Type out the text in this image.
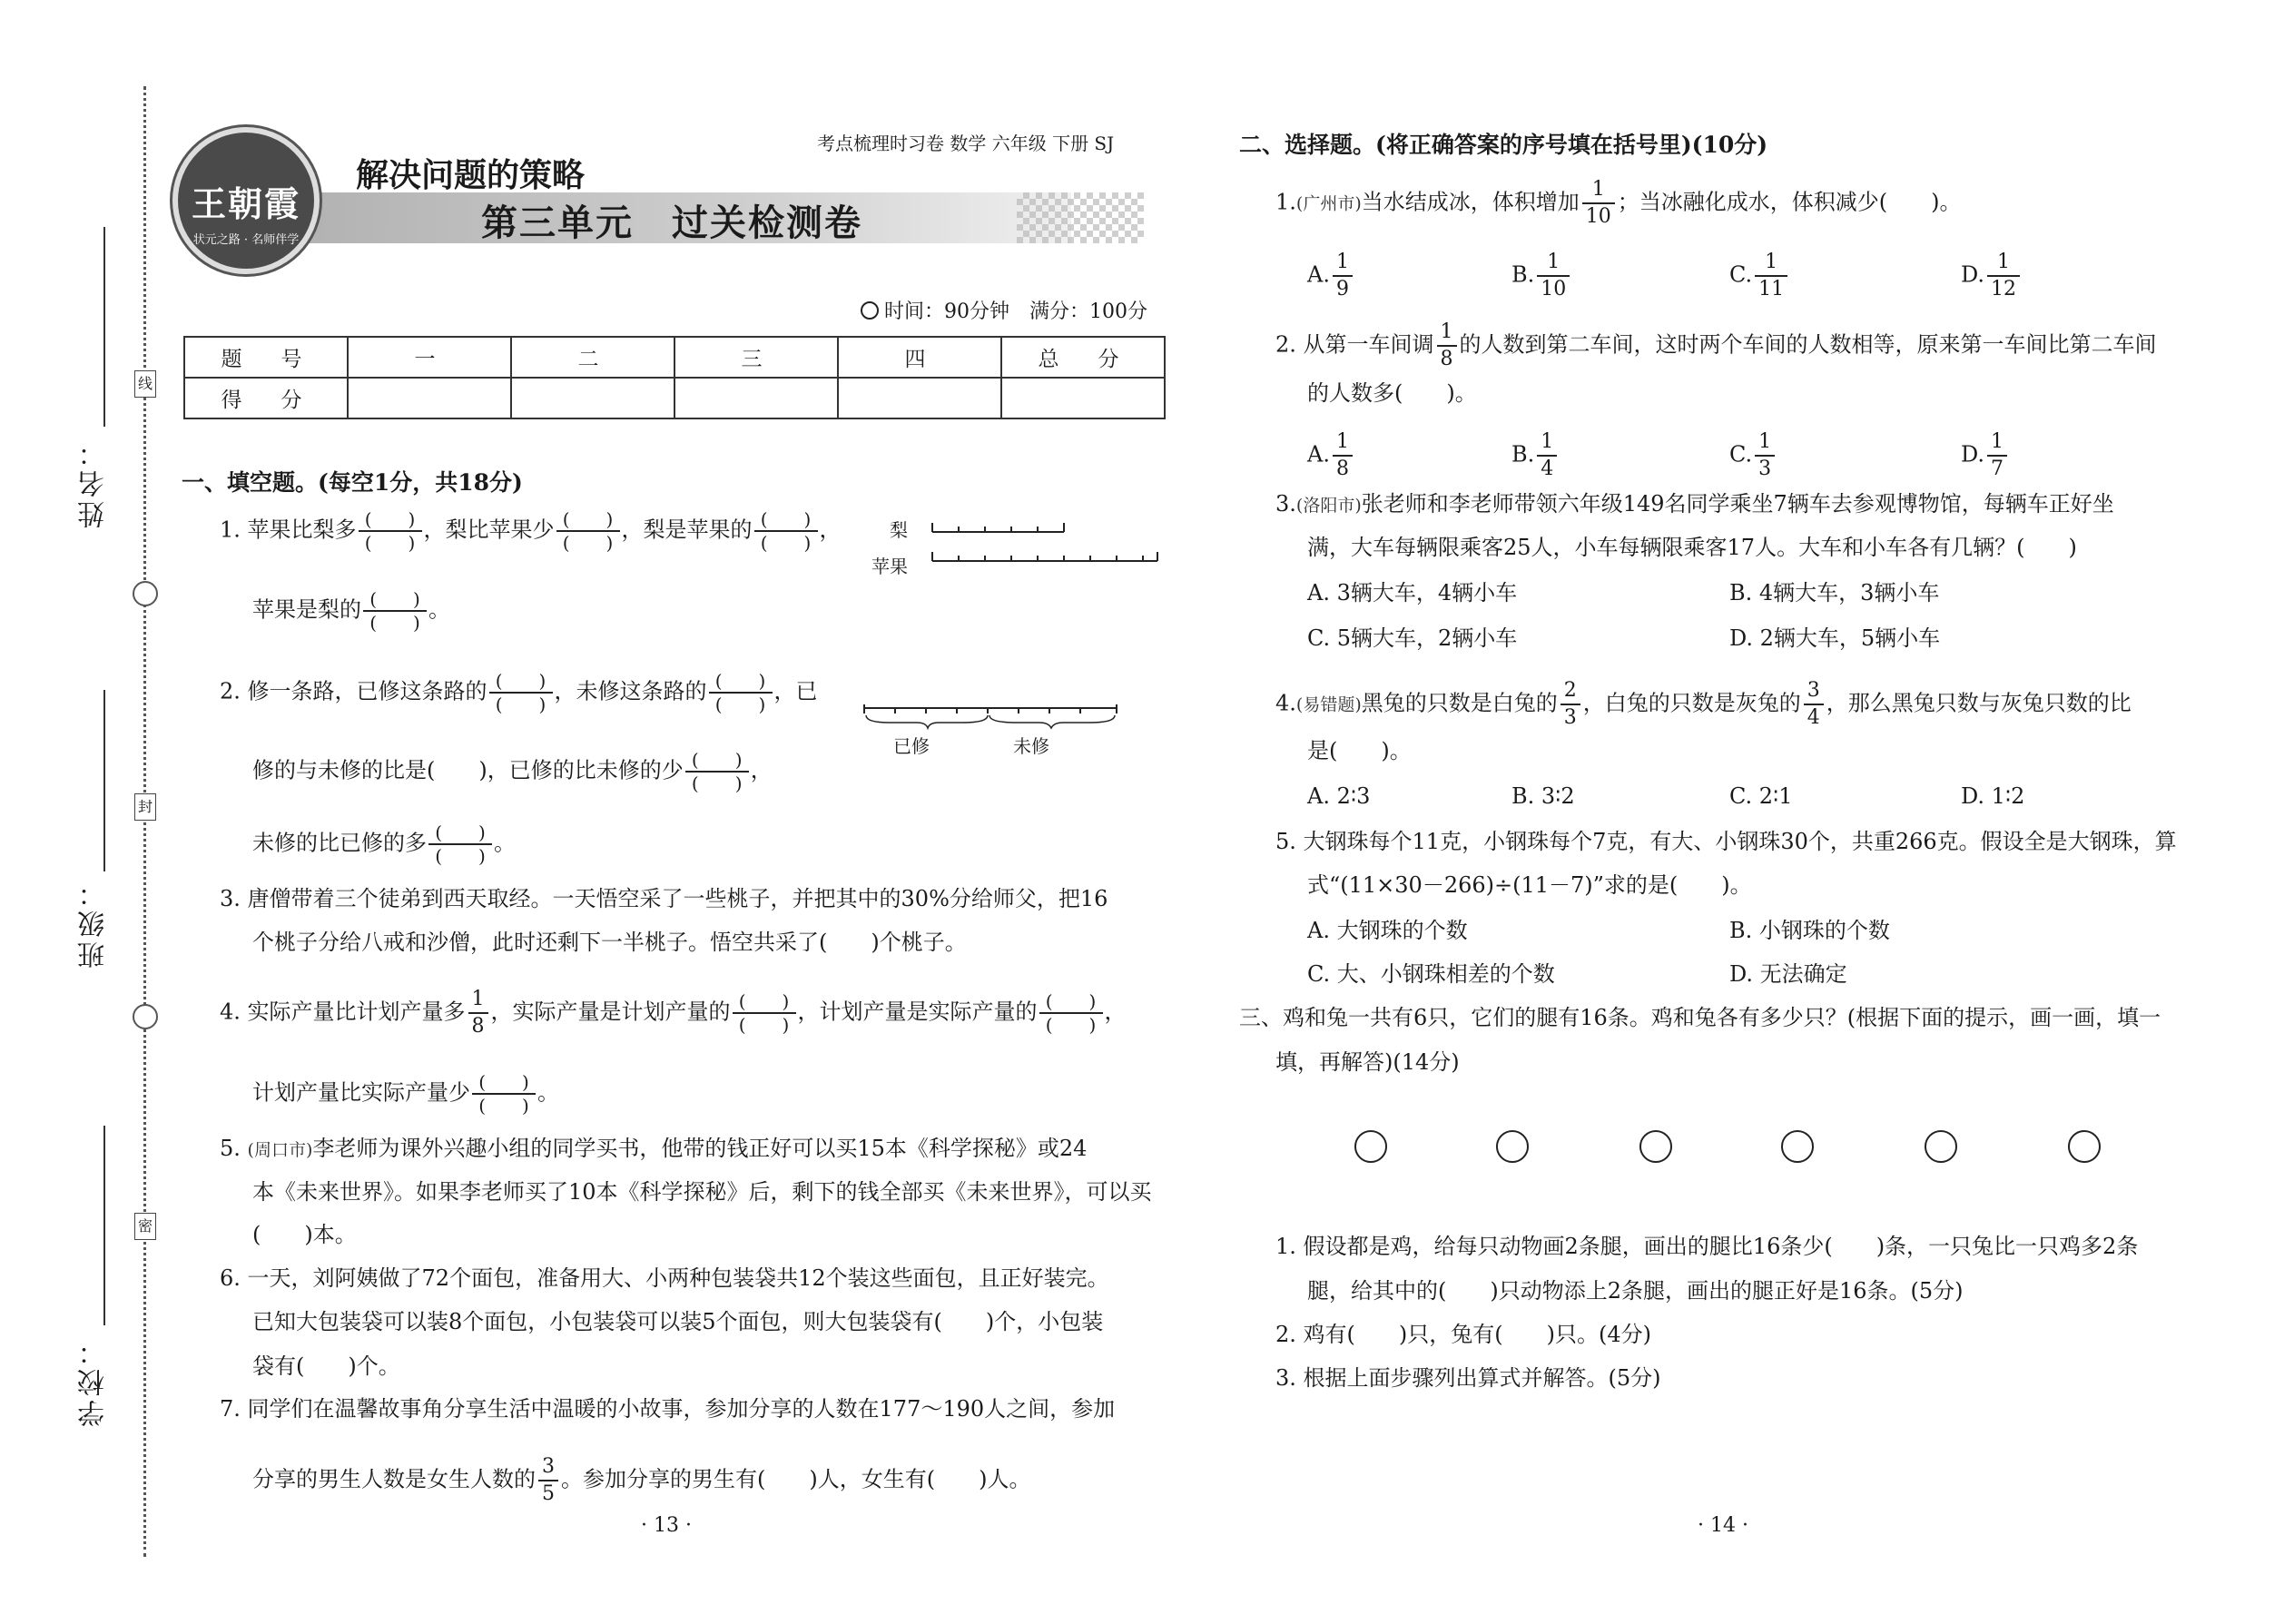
姓名：
班级：
学校：
线
封
密
王朝霞
状元之路 · 名师伴学
解决问题的策略
第三单元　过关检测卷
考点梳理时习卷 数学 六年级 下册 SJ
时间：90分钟　满分：100分
题　号	一	二	三	四	总　分
得　分					
一、填空题。(每空1分，共18分)
1. 苹果比梨多 $\frac{( )}{( )}$ ，梨比苹果少 $\frac{( )}{( )}$ ，梨是苹果的 $\frac{( )}{( )}$ ，
苹果是梨的 $\frac{( )}{( )}$ 。
梨
苹果
2. 修一条路，已修这条路的 $\frac{( )}{( )}$ ，未修这条路的 $\frac{( )}{( )}$ ，已
修的与未修的比是(　　)，已修的比未修的少 $\frac{( )}{( )}$ ，
未修的比已修的多 $\frac{( )}{( )}$ 。
已修	未修
3. 唐僧带着三个徒弟到西天取经。一天悟空采了一些桃子，并把其中的30%分给师父，把16
个桃子分给八戒和沙僧，此时还剩下一半桃子。悟空共采了(　　)个桃子。
4. 实际产量比计划产量多 $\frac{1}{8}$ ，实际产量是计划产量的 $\frac{( )}{( )}$ ，计划产量是实际产量的 $\frac{( )}{( )}$ ，
计划产量比实际产量少 $\frac{( )}{( )}$ 。
5. (周口市)李老师为课外兴趣小组的同学买书，他带的钱正好可以买15本《科学探秘》或24
本《未来世界》。如果李老师买了10本《科学探秘》后，剩下的钱全部买《未来世界》，可以买
(　　)本。
6. 一天，刘阿姨做了72个面包，准备用大、小两种包装袋共12个装这些面包，且正好装完。
已知大包装袋可以装8个面包，小包装袋可以装5个面包，则大包装袋有(　　)个，小包装
袋有(　　)个。
7. 同学们在温馨故事角分享生活中温暖的小故事，参加分享的人数在177～190人之间，参加
分享的男生人数是女生人数的 $\frac{3}{5}$ 。参加分享的男生有(　　)人，女生有(　　)人。
· 13 ·
二、选择题。(将正确答案的序号填在括号里)(10分)
1.(广州市)当水结成冰，体积增加 $\frac{1}{10}$ ；当冰融化成水，体积减少(　　)。
A. $\frac{1}{9}$	B. $\frac{1}{10}$	C. $\frac{1}{11}$	D. $\frac{1}{12}$
2. 从第一车间调 $\frac{1}{8}$ 的人数到第二车间，这时两个车间的人数相等，原来第一车间比第二车间
的人数多(　　)。
A. $\frac{1}{8}$	B. $\frac{1}{4}$	C. $\frac{1}{3}$	D. $\frac{1}{7}$
3.(洛阳市)张老师和李老师带领六年级149名同学乘坐7辆车去参观博物馆，每辆车正好坐
满，大车每辆限乘客25人，小车每辆限乘客17人。大车和小车各有几辆？(　　)
A. 3辆大车，4辆小车	B. 4辆大车，3辆小车
C. 5辆大车，2辆小车	D. 2辆大车，5辆小车
4.(易错题)黑兔的只数是白兔的 $\frac{2}{3}$ ，白兔的只数是灰兔的 $\frac{3}{4}$ ，那么黑兔只数与灰兔只数的比
是(　　)。
A. 2∶3	B. 3∶2	C. 2∶1	D. 1∶2
5. 大钢珠每个11克，小钢珠每个7克，有大、小钢珠30个，共重266克。假设全是大钢珠，算
式“(11×30－266)÷(11－7)”求的是(　　)。
A. 大钢珠的个数	B. 小钢珠的个数
C. 大、小钢珠相差的个数	D. 无法确定
三、鸡和兔一共有6只，它们的腿有16条。鸡和兔各有多少只？(根据下面的提示，画一画，填一
填，再解答)(14分)
1. 假设都是鸡，给每只动物画2条腿，画出的腿比16条少(　　)条，一只兔比一只鸡多2条
腿，给其中的(　　)只动物添上2条腿，画出的腿正好是16条。(5分)
2. 鸡有(　　)只，兔有(　　)只。(4分)
3. 根据上面步骤列出算式并解答。(5分)
· 14 ·
